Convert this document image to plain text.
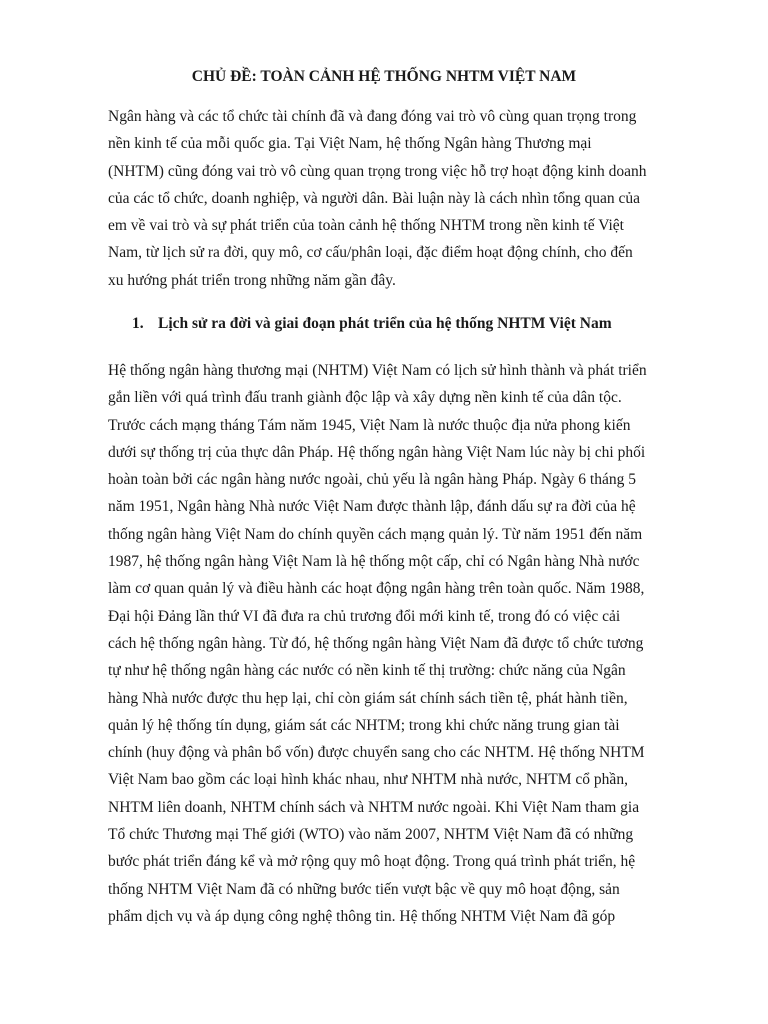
CHỦ ĐỀ: TOÀN CẢNH HỆ THỐNG NHTM VIỆT NAM

Ngân hàng và các tổ chức tài chính đã và đang đóng vai trò vô cùng quan trọng trong
nền kinh tế của mỗi quốc gia. Tại Việt Nam, hệ thống Ngân hàng Thương mại
(NHTM) cũng đóng vai trò vô cùng quan trọng trong việc hỗ trợ hoạt động kinh doanh
của các tổ chức, doanh nghiệp, và người dân. Bài luận này là cách nhìn tổng quan của
em về vai trò và sự phát triển của toàn cảnh hệ thống NHTM trong nền kinh tế Việt
Nam, từ lịch sử ra đời, quy mô, cơ cấu/phân loại, đặc điểm hoạt động chính, cho đến
xu hướng phát triển trong những năm gần đây.

1. Lịch sử ra đời và giai đoạn phát triển của hệ thống NHTM Việt Nam

Hệ thống ngân hàng thương mại (NHTM) Việt Nam có lịch sử hình thành và phát triển
gắn liền với quá trình đấu tranh giành độc lập và xây dựng nền kinh tế của dân tộc.
Trước cách mạng tháng Tám năm 1945, Việt Nam là nước thuộc địa nửa phong kiến
dưới sự thống trị của thực dân Pháp. Hệ thống ngân hàng Việt Nam lúc này bị chi phối
hoàn toàn bởi các ngân hàng nước ngoài, chủ yếu là ngân hàng Pháp. Ngày 6 tháng 5
năm 1951, Ngân hàng Nhà nước Việt Nam được thành lập, đánh dấu sự ra đời của hệ
thống ngân hàng Việt Nam do chính quyền cách mạng quản lý. Từ năm 1951 đến năm
1987, hệ thống ngân hàng Việt Nam là hệ thống một cấp, chỉ có Ngân hàng Nhà nước
làm cơ quan quản lý và điều hành các hoạt động ngân hàng trên toàn quốc. Năm 1988,
Đại hội Đảng lần thứ VI đã đưa ra chủ trương đổi mới kinh tế, trong đó có việc cải
cách hệ thống ngân hàng. Từ đó, hệ thống ngân hàng Việt Nam đã được tổ chức tương
tự như hệ thống ngân hàng các nước có nền kinh tế thị trường: chức năng của Ngân
hàng Nhà nước được thu hẹp lại, chỉ còn giám sát chính sách tiền tệ, phát hành tiền,
quản lý hệ thống tín dụng, giám sát các NHTM; trong khi chức năng trung gian tài
chính (huy động và phân bổ vốn) được chuyển sang cho các NHTM. Hệ thống NHTM
Việt Nam bao gồm các loại hình khác nhau, như NHTM nhà nước, NHTM cổ phần,
NHTM liên doanh, NHTM chính sách và NHTM nước ngoài. Khi Việt Nam tham gia
Tổ chức Thương mại Thế giới (WTO) vào năm 2007, NHTM Việt Nam đã có những
bước phát triển đáng kể và mở rộng quy mô hoạt động. Trong quá trình phát triển, hệ
thống NHTM Việt Nam đã có những bước tiến vượt bậc về quy mô hoạt động, sản
phẩm dịch vụ và áp dụng công nghệ thông tin. Hệ thống NHTM Việt Nam đã góp
